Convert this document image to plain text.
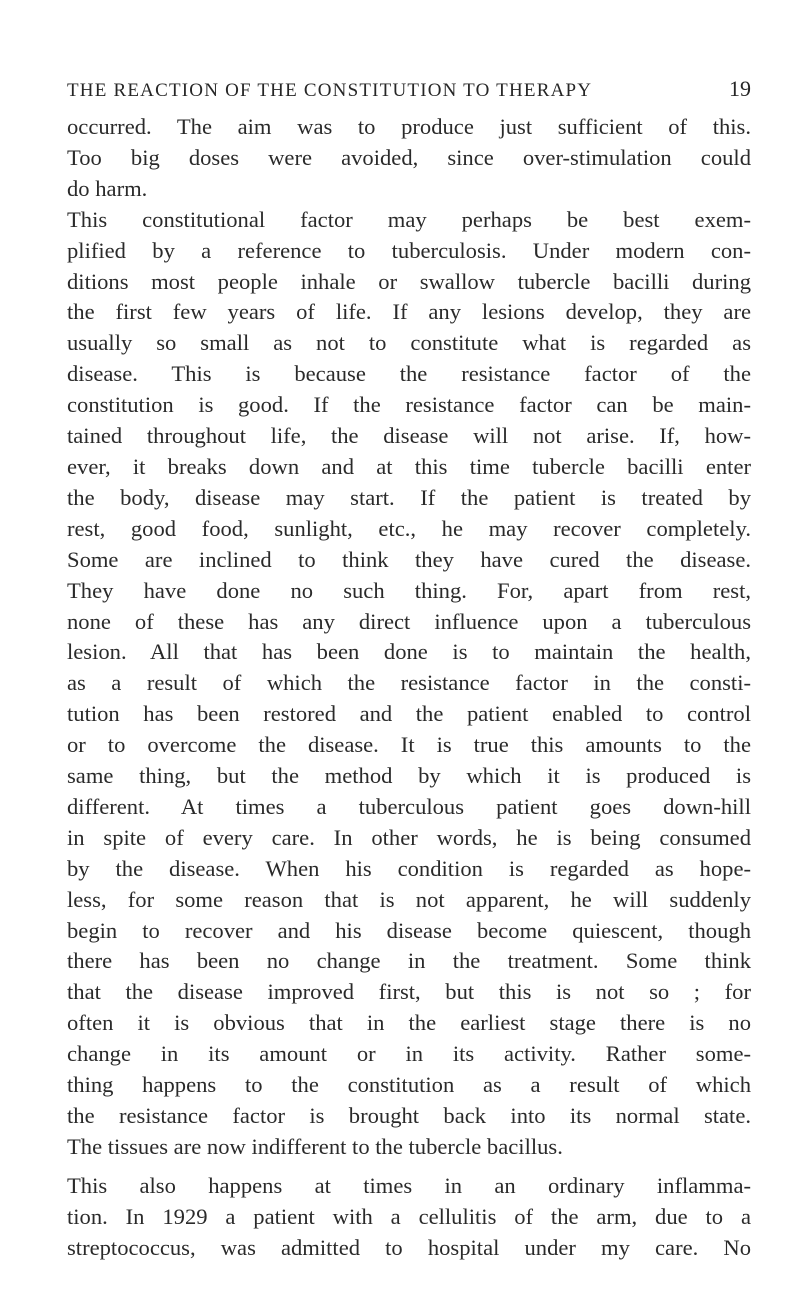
THE REACTION OF THE CONSTITUTION TO THERAPY	19

occurred. The aim was to produce just sufficient of this.
Too big doses were avoided, since over-stimulation could
do harm.

This constitutional factor may perhaps be best exem-
plified by a reference to tuberculosis. Under modern con-
ditions most people inhale or swallow tubercle bacilli during
the first few years of life. If any lesions develop, they are
usually so small as not to constitute what is regarded as
disease. This is because the resistance factor of the
constitution is good. If the resistance factor can be main-
tained throughout life, the disease will not arise. If, how-
ever, it breaks down and at this time tubercle bacilli enter
the body, disease may start. If the patient is treated by
rest, good food, sunlight, etc., he may recover completely.
Some are inclined to think they have cured the disease.
They have done no such thing. For, apart from rest,
none of these has any direct influence upon a tuberculous
lesion. All that has been done is to maintain the health,
as a result of which the resistance factor in the consti-
tution has been restored and the patient enabled to control
or to overcome the disease. It is true this amounts to the
same thing, but the method by which it is produced is
different. At times a tuberculous patient goes down-hill
in spite of every care. In other words, he is being consumed
by the disease. When his condition is regarded as hope-
less, for some reason that is not apparent, he will suddenly
begin to recover and his disease become quiescent, though
there has been no change in the treatment. Some think
that the disease improved first, but this is not so ; for
often it is obvious that in the earliest stage there is no
change in its amount or in its activity. Rather some-
thing happens to the constitution as a result of which
the resistance factor is brought back into its normal state.
The tissues are now indifferent to the tubercle bacillus.

This also happens at times in an ordinary inflamma-
tion. In 1929 a patient with a cellulitis of the arm, due to a
streptococcus, was admitted to hospital under my care. No
